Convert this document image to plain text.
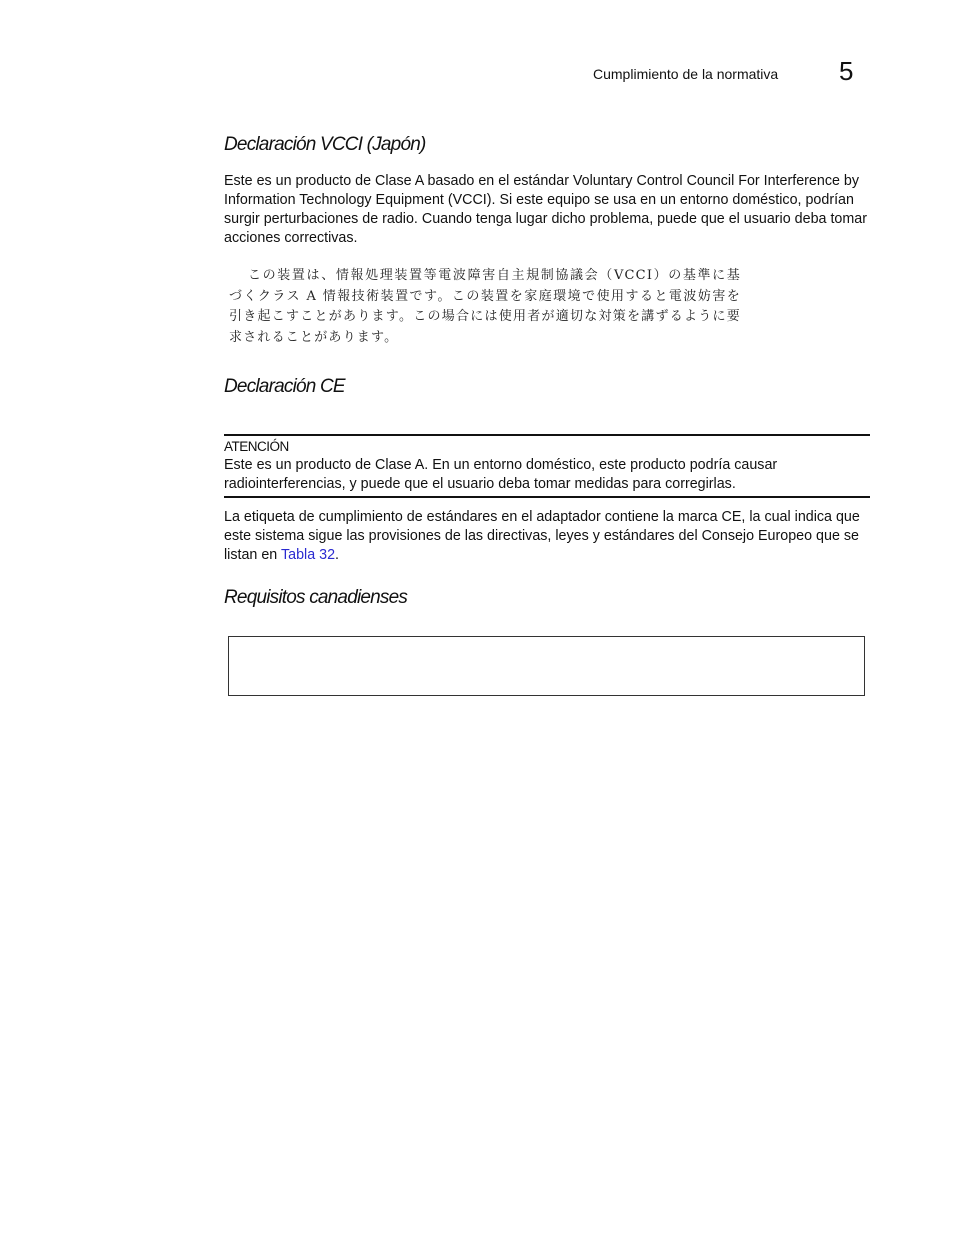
Cumplimiento de la normativa 5
Declaración VCCI (Japón)

Este es un producto de Clase A basado en el estándar Voluntary Control Council For Interference by Information Technology Equipment (VCCI). Si este equipo se usa en un entorno doméstico, podrían surgir perturbaciones de radio. Cuando tenga lugar dicho problema, puede que el usuario deba tomar acciones correctivas.

この装置は、情報処理装置等電波障害自主規制協議会（VCCI）の基準に基づくクラス A 情報技術装置です。この装置を家庭環境で使用すると電波妨害を引き起こすことがあります。この場合には使用者が適切な対策を講ずるように要求されることがあります。
Declaración CE
ATENCIÓN

Este es un producto de Clase A. En un entorno doméstico, este producto podría causar radiointerferencias, y puede que el usuario deba tomar medidas para corregirlas.

La etiqueta de cumplimiento de estándares en el adaptador contiene la marca CE, la cual indica que este sistema sigue las provisiones de las directivas, leyes y estándares del Consejo Europeo que se listan en Tabla 32.

Requisitos canadienses
